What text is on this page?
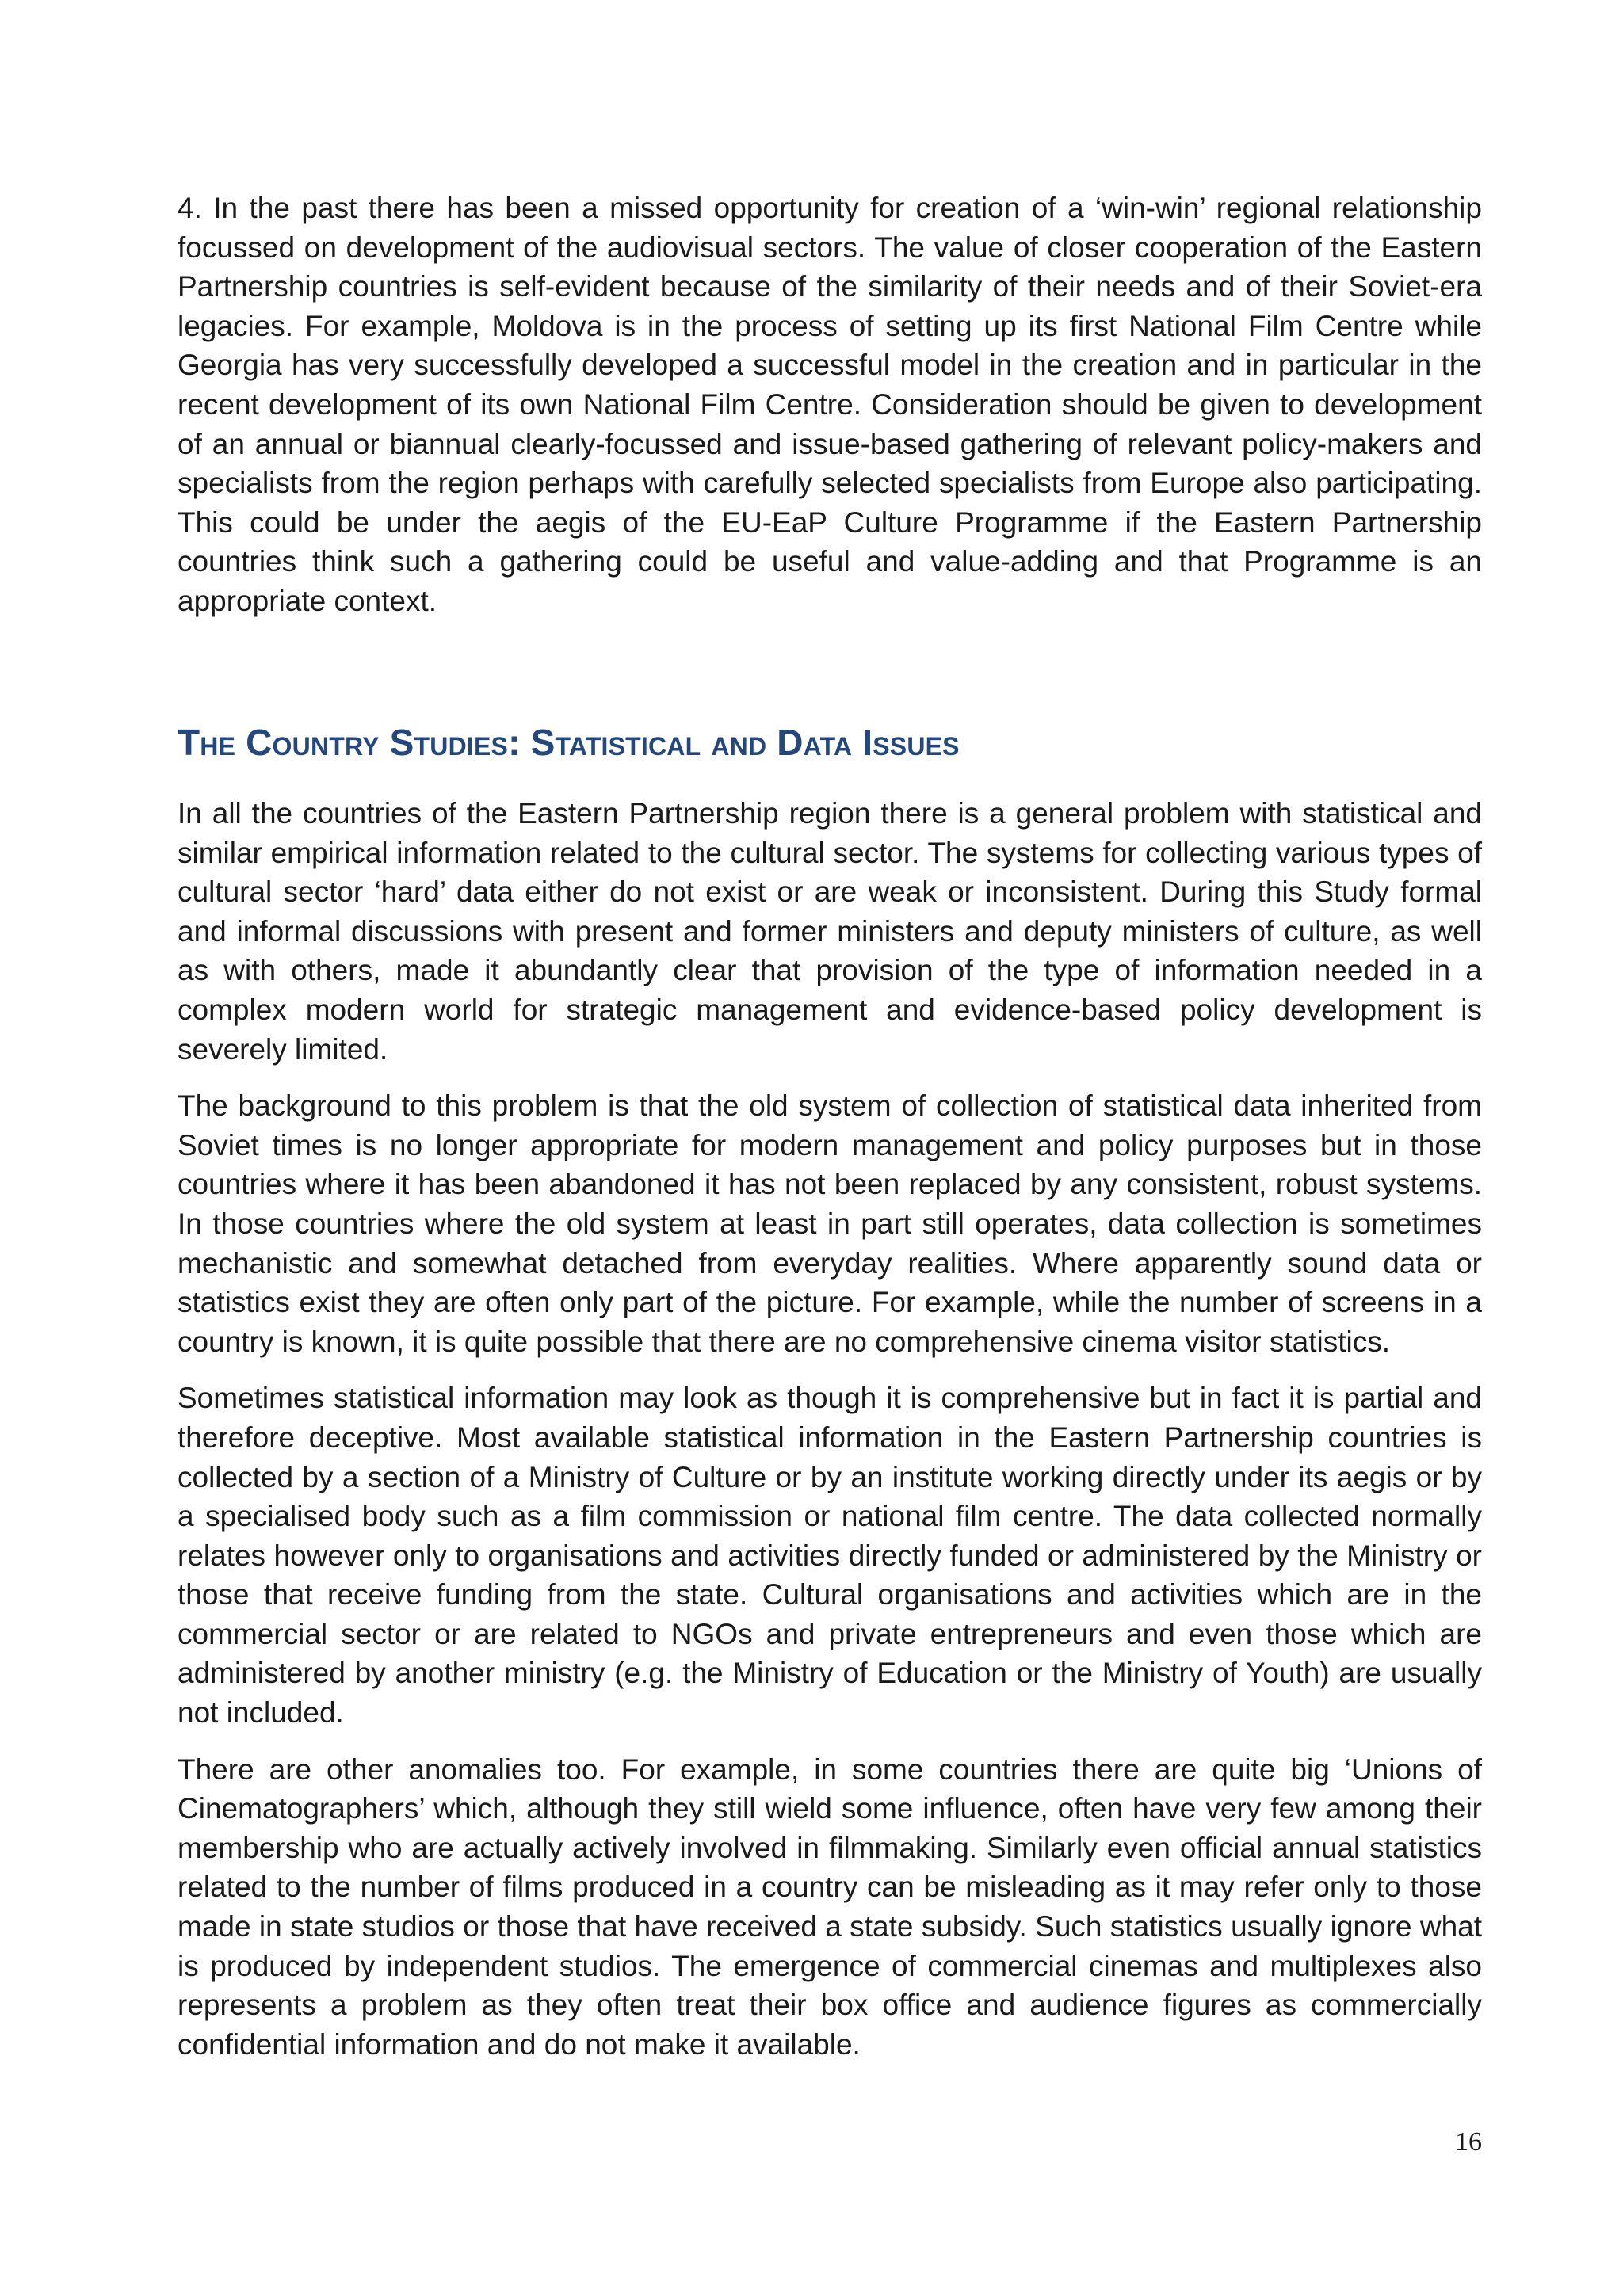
4. In the past there has been a missed opportunity for creation of a ‘win-win’ regional relationship focussed on development of the audiovisual sectors. The value of closer cooperation of the Eastern Partnership countries is self-evident because of the similarity of their needs and of their Soviet-era legacies. For example, Moldova is in the process of setting up its first National Film Centre while Georgia has very successfully developed a successful model in the creation and in particular in the recent development of its own National Film Centre. Consideration should be given to development of an annual or biannual clearly-focussed and issue-based gathering of relevant policy-makers and specialists from the region perhaps with carefully selected specialists from Europe also participating. This could be under the aegis of the EU-EaP Culture Programme if the Eastern Partnership countries think such a gathering could be useful and value-adding and that Programme is an appropriate context.

The Country Studies: Statistical and Data Issues

In all the countries of the Eastern Partnership region there is a general problem with statistical and similar empirical information related to the cultural sector. The systems for collecting various types of cultural sector ‘hard’ data either do not exist or are weak or inconsistent. During this Study formal and informal discussions with present and former ministers and deputy ministers of culture, as well as with others, made it abundantly clear that provision of the type of information needed in a complex modern world for strategic management and evidence-based policy development is severely limited.

The background to this problem is that the old system of collection of statistical data inherited from Soviet times is no longer appropriate for modern management and policy purposes but in those countries where it has been abandoned it has not been replaced by any consistent, robust systems. In those countries where the old system at least in part still operates, data collection is sometimes mechanistic and somewhat detached from everyday realities. Where apparently sound data or statistics exist they are often only part of the picture. For example, while the number of screens in a country is known, it is quite possible that there are no comprehensive cinema visitor statistics.

Sometimes statistical information may look as though it is comprehensive but in fact it is partial and therefore deceptive. Most available statistical information in the Eastern Partnership countries is collected by a section of a Ministry of Culture or by an institute working directly under its aegis or by a specialised body such as a film commission or national film centre. The data collected normally relates however only to organisations and activities directly funded or administered by the Ministry or those that receive funding from the state. Cultural organisations and activities which are in the commercial sector or are related to NGOs and private entrepreneurs and even those which are administered by another ministry (e.g. the Ministry of Education or the Ministry of Youth) are usually not included.

There are other anomalies too. For example, in some countries there are quite big ‘Unions of Cinematographers’ which, although they still wield some influence, often have very few among their membership who are actually actively involved in filmmaking. Similarly even official annual statistics related to the number of films produced in a country can be misleading as it may refer only to those made in state studios or those that have received a state subsidy. Such statistics usually ignore what is produced by independent studios. The emergence of commercial cinemas and multiplexes also represents a problem as they often treat their box office and audience figures as commercially confidential information and do not make it available.

16
